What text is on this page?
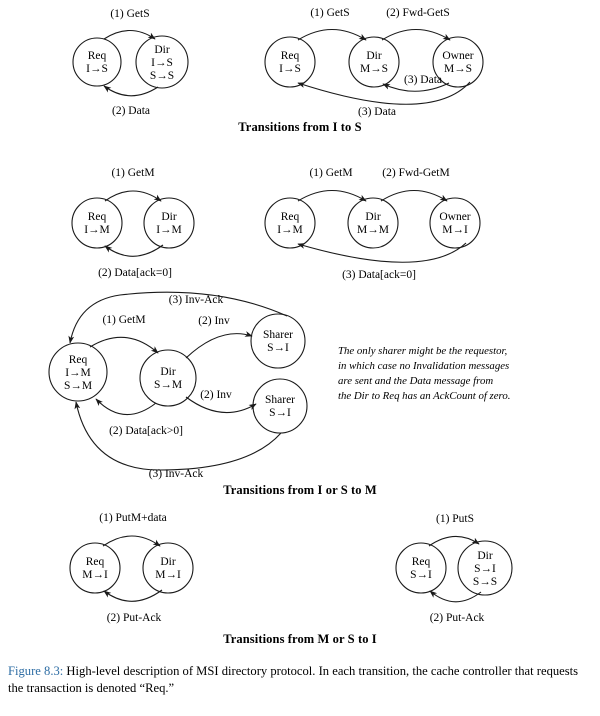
Req
I→S
Dir
I→S
S→S
(1) GetS
(2) Data
Req
I→S
Dir
M→S
Owner
M→S
(1) GetS	(2) Fwd-GetS
(3) Data
(3) Data
Transitions from I to S
Req
I→M
Dir
I→M
(1) GetM
(2) Data[ack=0]
Req
I→M
Dir
M→M
Owner
M→I
(1) GetM	(2) Fwd-GetM
(3) Data[ack=0]
Req
I→M
S→M
Dir
S→M
Sharer
S→I
Sharer
S→I
(1) GetM	(2) Inv
(2) Inv
(3) Inv-Ack
(3) Inv-Ack
(2) Data[ack>0]
The only sharer might be the requestor,
in which case no Invalidation messages
are sent and the Data message from
the Dir to Req has an AckCount of zero.
Transitions from I or S to M
Req
M→I
Dir
M→I
(1) PutM+data
(2) Put-Ack
Req
S→I
Dir
S→I
S→S
(1) PutS
(2) Put-Ack
Transitions from M or S to I
Figure 8.3: High-level description of MSI directory protocol. In each transition, the cache controller that requests the transaction is denoted “Req.”
